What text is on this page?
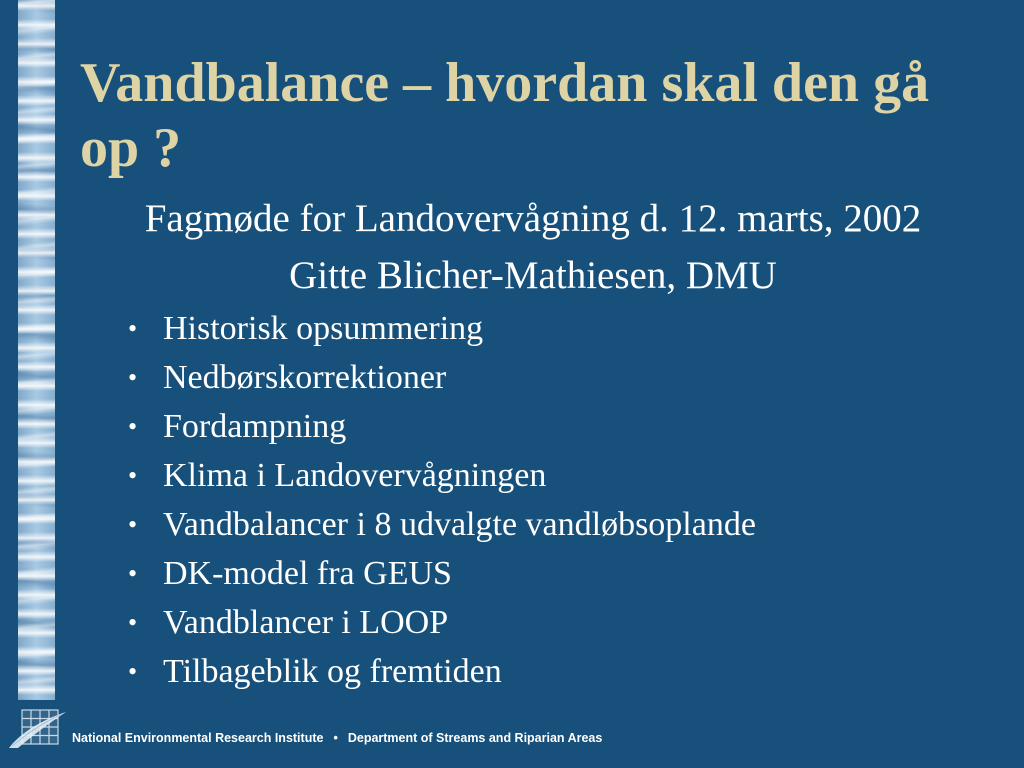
Vandbalance – hvordan skal den gå op ?
Fagmøde for Landovervågning d. 12. marts, 2002
Gitte Blicher-Mathiesen, DMU
• Historisk opsummering
• Nedbørskorrektioner
• Fordampning
• Klima i Landovervågningen
• Vandbalancer i 8 udvalgte vandløbsoplande
• DK-model fra GEUS
• Vandblancer i LOOP
• Tilbageblik og fremtiden
National Environmental Research Institute • Department of Streams and Riparian Areas
